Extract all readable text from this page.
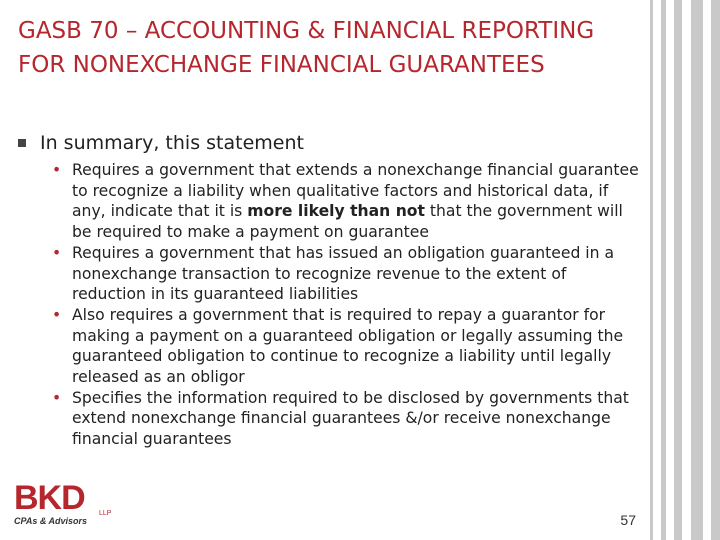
GASB 70 – ACCOUNTING & FINANCIAL REPORTING FOR NONEXCHANGE FINANCIAL GUARANTEES
In summary, this statement
• Requires a government that extends a nonexchange financial guarantee to recognize a liability when qualitative factors and historical data, if any, indicate that it is more likely than not that the government will be required to make a payment on guarantee
• Requires a government that has issued an obligation guaranteed in a nonexchange transaction to recognize revenue to the extent of reduction in its guaranteed liabilities
• Also requires a government that is required to repay a guarantor for making a payment on a guaranteed obligation or legally assuming the guaranteed obligation to continue to recognize a liability until legally released as an obligor
• Specifies the information required to be disclosed by governments that extend nonexchange financial guarantees &/or receive nonexchange financial guarantees
BKD	LLP
CPAs & Advisors	57
